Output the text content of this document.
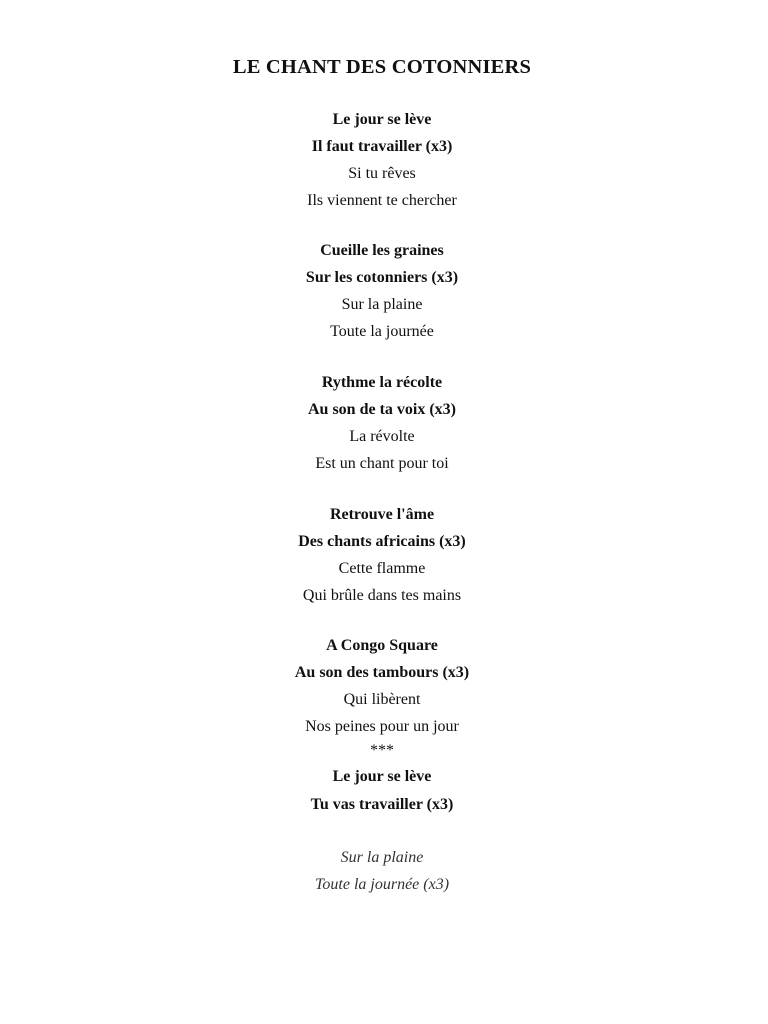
LE CHANT DES COTONNIERS
Le jour se lève
Il faut travailler (x3)
Si tu rêves
Ils viennent te chercher
Cueille les graines
Sur les cotonniers (x3)
Sur la plaine
Toute la journée
Rythme la récolte
Au son de ta voix (x3)
La révolte
Est un chant pour toi
Retrouve l'âme
Des chants africains (x3)
Cette flamme
Qui brûle dans tes mains
A Congo Square
Au son des tambours (x3)
Qui libèrent
Nos peines pour un jour
***
Le jour se lève
Tu vas travailler (x3)
Sur la plaine
Toute la journée (x3)
